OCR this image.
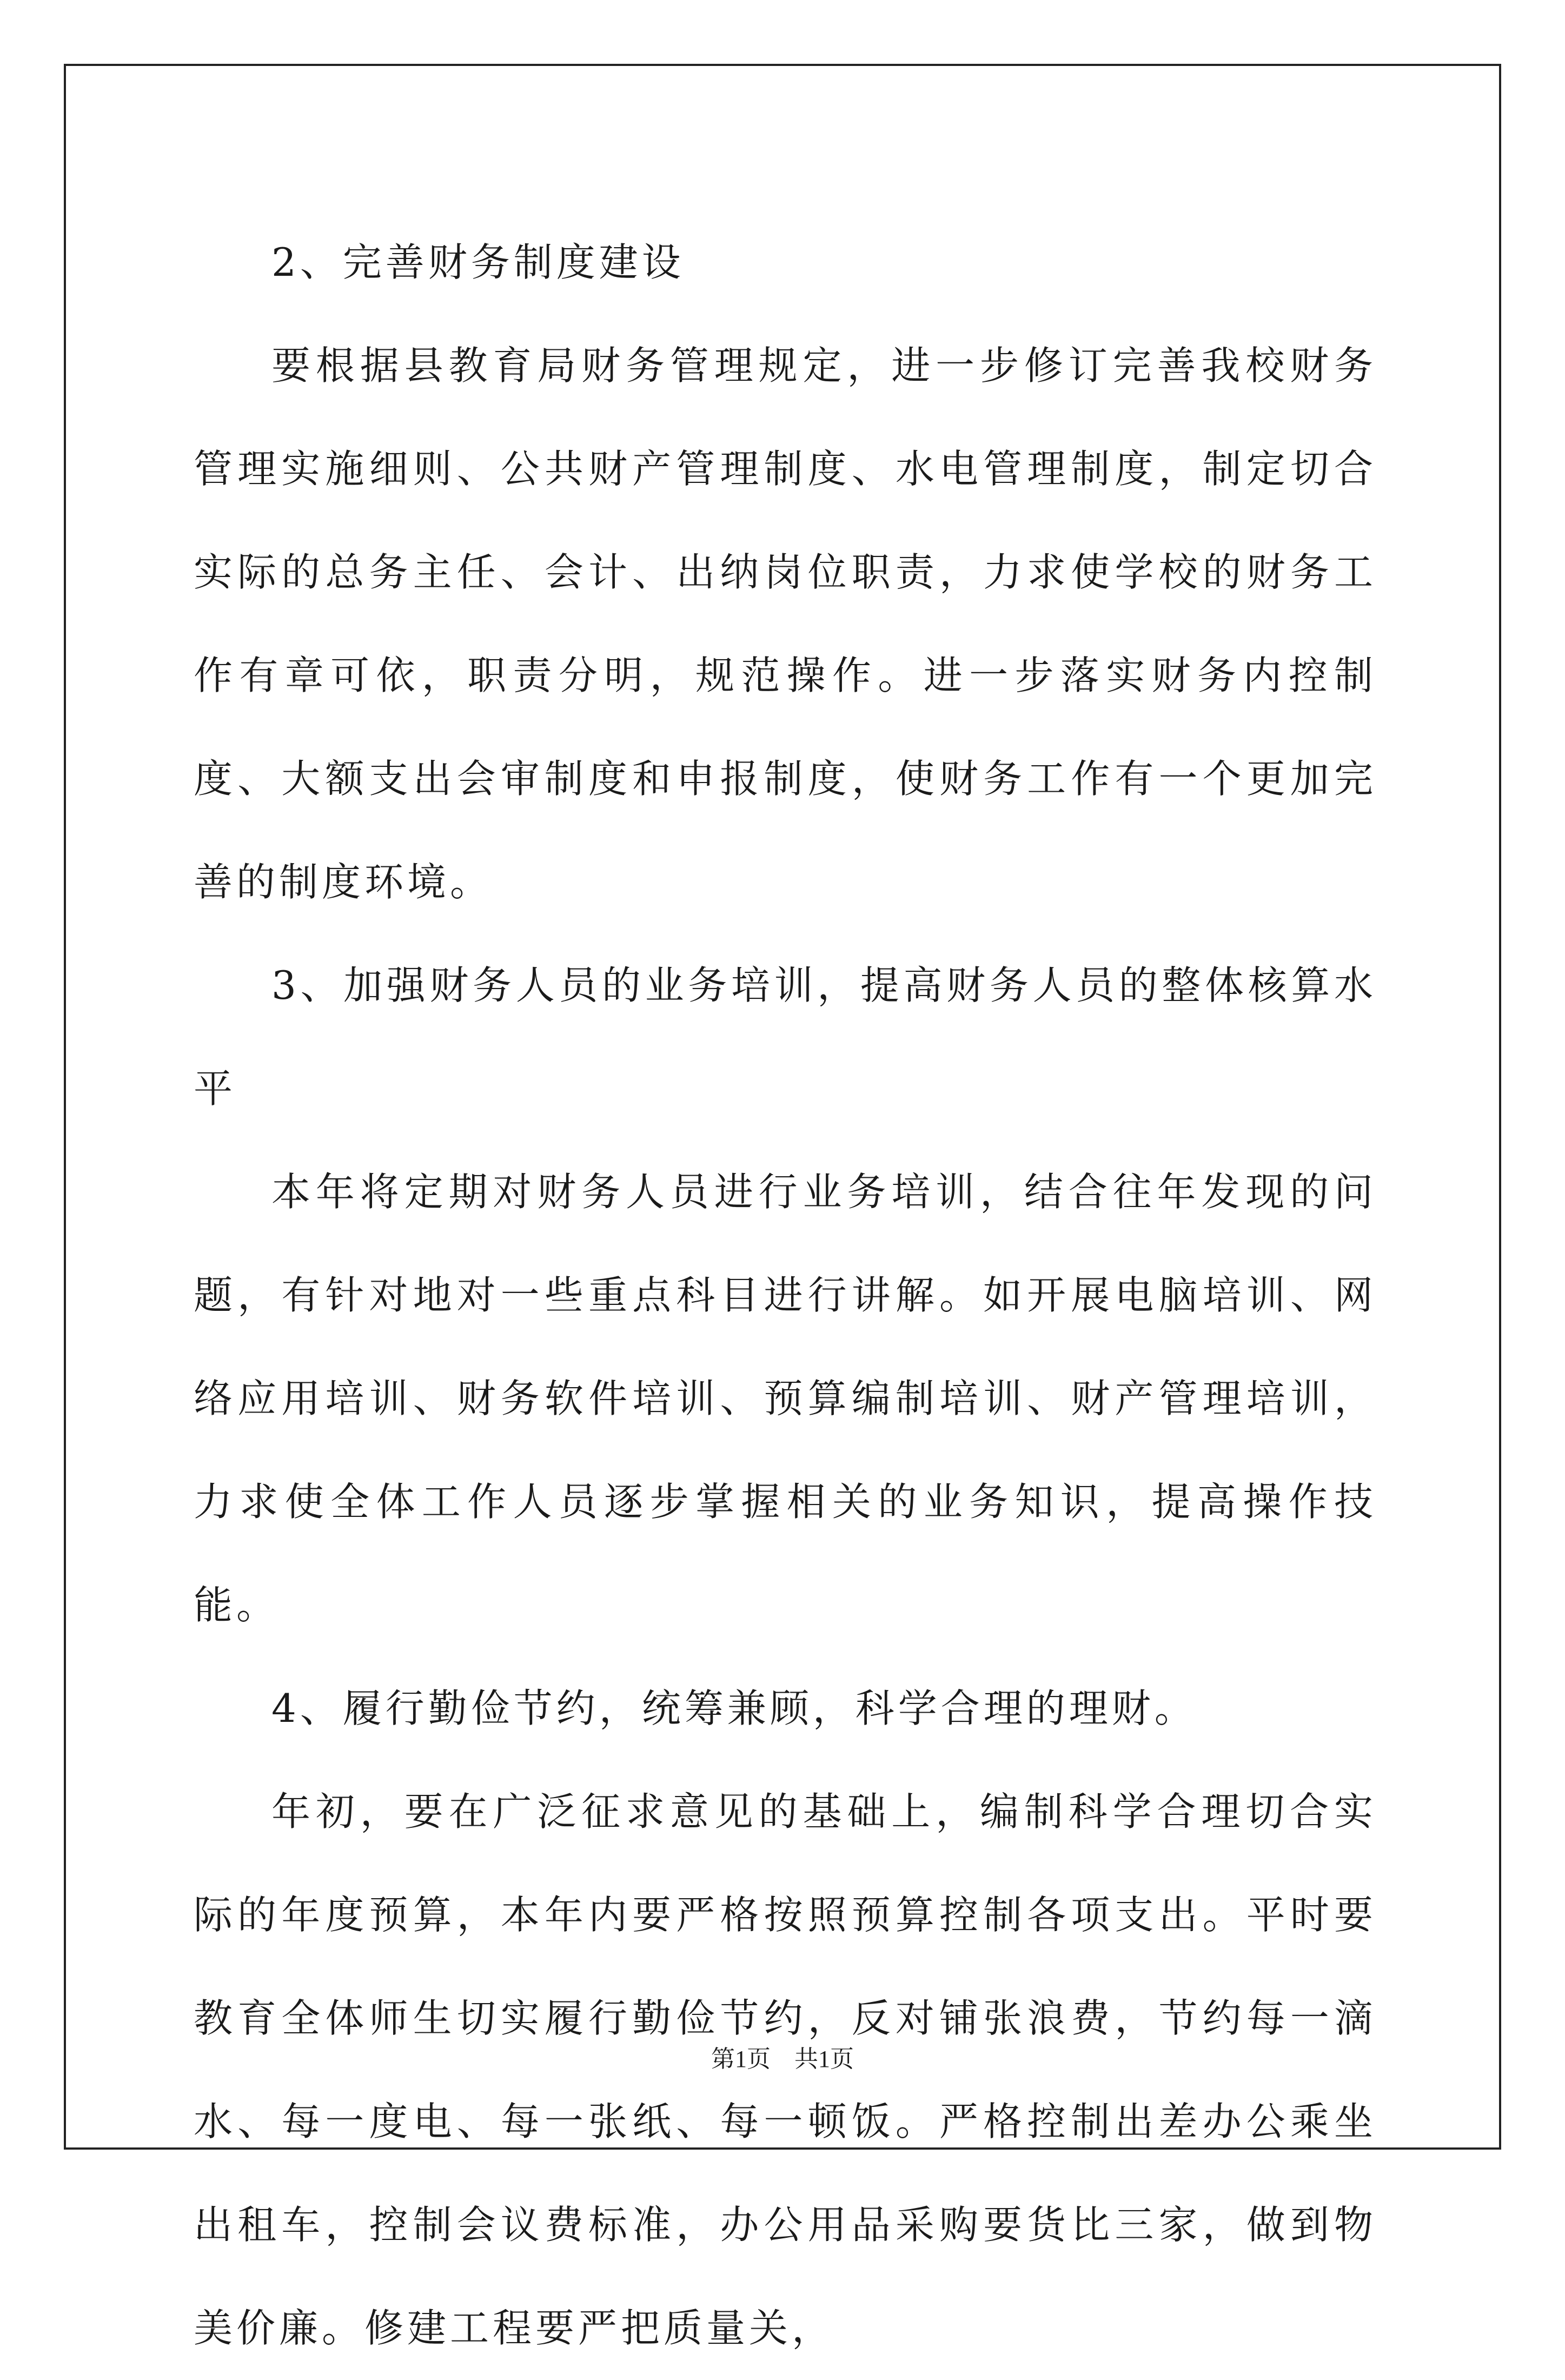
2、完善财务制度建设

要根据县教育局财务管理规定，进一步修订完善我校财务管理实施细则、公共财产管理制度、水电管理制度，制定切合实际的总务主任、会计、出纳岗位职责，力求使学校的财务工作有章可依，职责分明，规范操作。进一步落实财务内控制度、大额支出会审制度和申报制度，使财务工作有一个更加完善的制度环境。

3、加强财务人员的业务培训，提高财务人员的整体核算水平

本年将定期对财务人员进行业务培训，结合往年发现的问题，有针对地对一些重点科目进行讲解。如开展电脑培训、网络应用培训、财务软件培训、预算编制培训、财产管理培训，力求使全体工作人员逐步掌握相关的业务知识，提高操作技能。

4、履行勤俭节约，统筹兼顾，科学合理的理财。

年初，要在广泛征求意见的基础上，编制科学合理切合实际的年度预算，本年内要严格按照预算控制各项支出。平时要教育全体师生切实履行勤俭节约，反对铺张浪费，节约每一滴水、每一度电、每一张纸、每一顿饭。严格控制出差办公乘坐出租车，控制会议费标准，办公用品采购要货比三家，做到物美价廉。修建工程要严把质量关，

第1页　共1页
